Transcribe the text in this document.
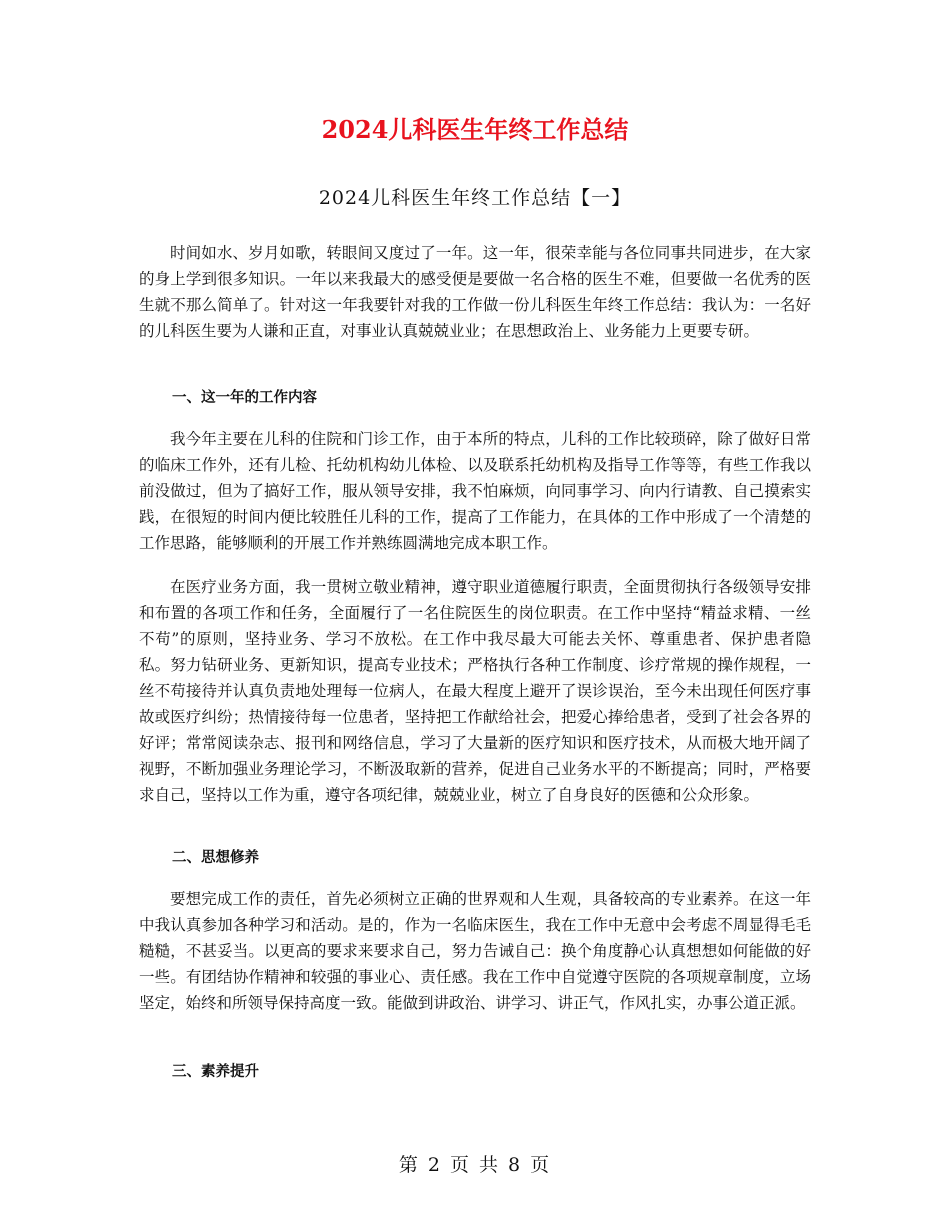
2024儿科医生年终工作总结
2024儿科医生年终工作总结【一】

时间如水、岁月如歌，转眼间又度过了一年。这一年，很荣幸能与各位同事共同进步，在大家的身上学到很多知识。一年以来我最大的感受便是要做一名合格的医生不难，但要做一名优秀的医生就不那么简单了。针对这一年我要针对我的工作做一份儿科医生年终工作总结：我认为：一名好的儿科医生要为人谦和正直，对事业认真兢兢业业；在思想政治上、业务能力上更要专研。

一、这一年的工作内容

我今年主要在儿科的住院和门诊工作，由于本所的特点，儿科的工作比较琐碎，除了做好日常的临床工作外，还有儿检、托幼机构幼儿体检、以及联系托幼机构及指导工作等等，有些工作我以前没做过，但为了搞好工作，服从领导安排，我不怕麻烦，向同事学习、向内行请教、自己摸索实践，在很短的时间内便比较胜任儿科的工作，提高了工作能力，在具体的工作中形成了一个清楚的工作思路，能够顺利的开展工作并熟练圆满地完成本职工作。

在医疗业务方面，我一贯树立敬业精神，遵守职业道德履行职责，全面贯彻执行各级领导安排和布置的各项工作和任务，全面履行了一名住院医生的岗位职责。在工作中坚持“精益求精、一丝不苟”的原则，坚持业务、学习不放松。在工作中我尽最大可能去关怀、尊重患者、保护患者隐私。努力钻研业务、更新知识，提高专业技术；严格执行各种工作制度、诊疗常规的操作规程，一丝不苟接待并认真负责地处理每一位病人，在最大程度上避开了误诊误治，至今未出现任何医疗事故或医疗纠纷；热情接待每一位患者，坚持把工作献给社会，把爱心捧给患者，受到了社会各界的好评；常常阅读杂志、报刊和网络信息，学习了大量新的医疗知识和医疗技术，从而极大地开阔了视野，不断加强业务理论学习，不断汲取新的营养，促进自己业务水平的不断提高；同时，严格要求自己，坚持以工作为重，遵守各项纪律，兢兢业业，树立了自身良好的医德和公众形象。

二、思想修养

要想完成工作的责任，首先必须树立正确的世界观和人生观，具备较高的专业素养。在这一年中我认真参加各种学习和活动。是的，作为一名临床医生，我在工作中无意中会考虑不周显得毛毛糙糙，不甚妥当。以更高的要求来要求自己，努力告诫自己：换个角度静心认真想想如何能做的好一些。有团结协作精神和较强的事业心、责任感。我在工作中自觉遵守医院的各项规章制度，立场坚定，始终和所领导保持高度一致。能做到讲政治、讲学习、讲正气，作风扎实，办事公道正派。

三、素养提升
第 2 页 共 8 页
